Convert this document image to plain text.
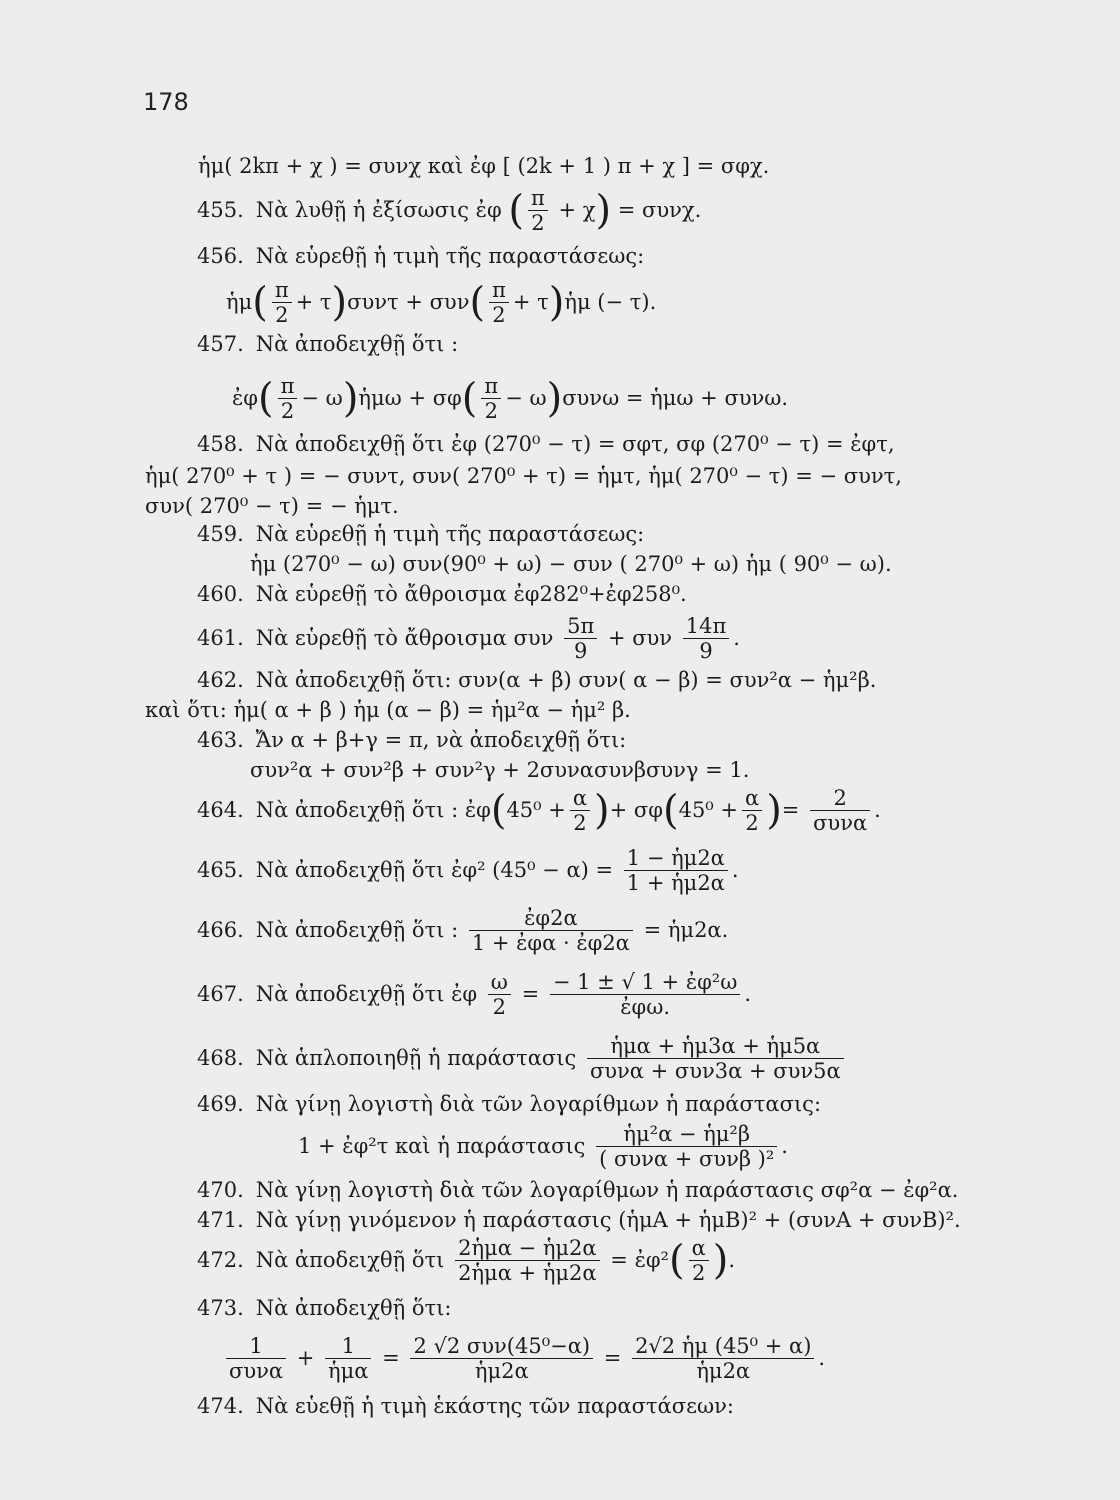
178
ἡμ( 2kπ + χ ) = συνχ καὶ ἐφ [ (2k + 1 ) π + χ ] = σφχ.
455. Νὰ λυθῇ ἡ ἐξίσωσις ἐφ ( $\frac{\pi}{2} + \chi) = \sigma\upsilon\nu\chi$.
456. Νὰ εὑρεθῇ ἡ τιμὴ τῆς παραστάσεως:
ἡμ( $\frac{\pi}{2} + \tau)\sigma\upsilon\nu\tau + \sigma\upsilon\nu( \frac{\pi}{2}$ + τ)ἡμ (− τ).
457. Νὰ ἀποδειχθῇ ὅτι :
ἐφ( $\frac{\pi}{2}$ − ω)ἡμω + $\sigma\varphi( \frac{\pi}{2} - \omega)\sigma\upsilon\nu\omega$ = ἡμω + συνω.
458. Νὰ ἀποδειχθῇ ὅτι ἐφ (270⁰ − τ) = σφτ, σφ (270⁰ − τ) = ἐφτ,
ἡμ( 270⁰ + τ ) = − συντ, συν( 270⁰ + τ) = ἡμτ, ἡμ( 270⁰ − τ) = − συντ,
συν( 270⁰ − τ) = − ἡμτ.
459. Νὰ εὑρεθῇ ἡ τιμὴ τῆς παραστάσεως:
ἡμ (270⁰ − ω) συν(90⁰ + ω) − συν ( 270⁰ + ω) ἡμ ( 90⁰ − ω).
460. Νὰ εὑρεθῇ τὸ ἄθροισμα ἐφ282⁰+ἐφ258⁰.
461. Νὰ εὑρεθῇ τὸ ἄθροισμα συν $\frac{5\pi}{9} + \sigma\upsilon\nu \frac{14\pi}{9}$ .
462. Νὰ ἀποδειχθῇ ὅτι: συν(α + β) συν( α − β) = συν²α − ἡμ²β.
καὶ ὅτι: ἡμ( α + β ) ἡμ (α − β) = ἡμ²α − ἡμ² β.
463. Ἄν α + β+γ = π, νὰ ἀποδειχθῇ ὅτι:
συν²α + συν²β + συν²γ + 2συνασυνβσυνγ = 1.
464. Νὰ ἀποδειχθῇ ὅτι : ἐφ(45⁰ + $\frac{\alpha}{2}$ )+ $\sigma\varphi(45^0 + \frac{\alpha}{2}$ )= $\frac{2}{\text{συνα}}$ .
465. Νὰ ἀποδειχθῇ ὅτι ἐφ² $(45^0 - \alpha) = \frac{\text{1 − ἡμ2α}}{\text{1 + ἡμ2α}}$ .
466. Νὰ ἀποδειχθῇ ὅτι : $\frac{\text{ἐφ2α}}{\text{1 + ἐφα · ἐφ2α}}$ = ἡμ2α.
467. Νὰ ἀποδειχθῇ ὅτι ἐφ $\frac{\omega}{2} = \frac{\text{− 1 ± √ 1 + ἐφ²ω}}{\text{ἐφω.}}$ .
468. Νὰ ἁπλοποιηθῇ ἡ παράστασις $\frac{\text{ἡμα + ἡμ3α + ἡμ5α}}{\text{συνα + συν3α + συν5α}}$
469. Νὰ γίνῃ λογιστὴ διὰ τῶν λογαρίθμων ἡ παράστασις:
1 + ἐφ²τ καὶ ἡ παράστασις $\frac{\text{ἡμ²α − ἡμ²β}}{\text{( συνα + συνβ )²}}$ .
470. Νὰ γίνῃ λογιστὴ διὰ τῶν λογαρίθμων ἡ παράστασις σφ²α − ἐφ²α.
471. Νὰ γίνῃ γινόμενον ἡ παράστασις (ἡμΑ + ἡμΒ)² + (συνΑ + συνΒ)².
472. Νὰ ἀποδειχθῇ ὅτι $\frac{\text{2ἡμα − ἡμ2α}}{\text{2ἡμα + ἡμ2α}}$ = ἐφ²( $\frac{\alpha}{2}$ ).
473. Νὰ ἀποδειχθῇ ὅτι:
$\frac{1}{\text{συνα}} + \frac{1}{\text{ἡμα}} = \frac{\text{2 √2 συν(45⁰−α)}}{\text{ἡμ2α}} = \frac{\text{2√2 ἡμ (45⁰ + α)}}{\text{ἡμ2α}}$ .
474. Νὰ εὑεθῇ ἡ τιμὴ ἑκάστης τῶν παραστάσεων:
